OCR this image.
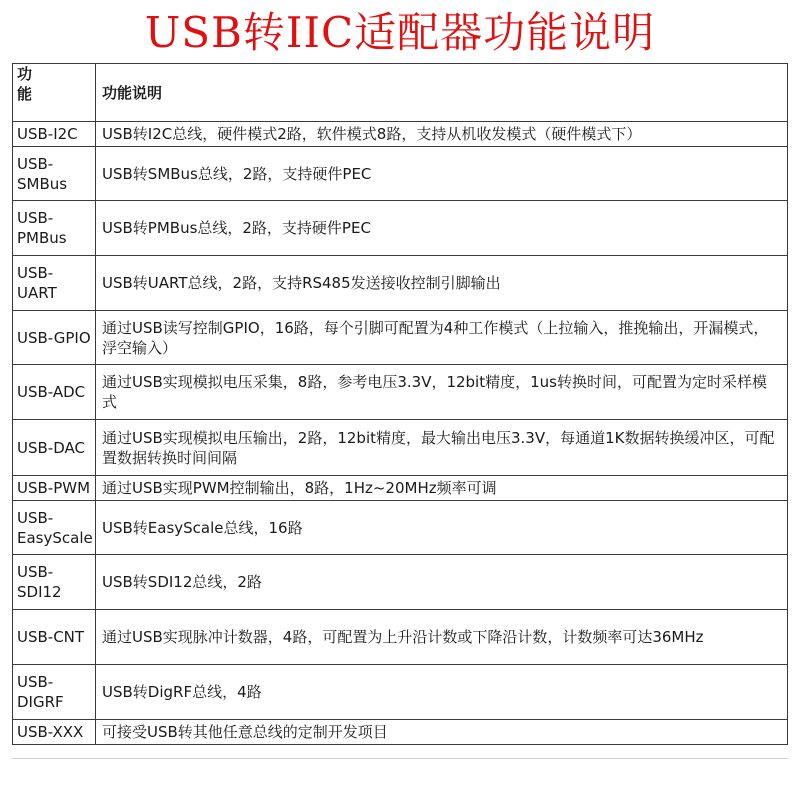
USB转IIC适配器功能说明
功
能	功能说明

USB-I2C	USB转I2C总线，硬件模式2路，软件模式8路，支持从机收发模式（硬件模式下）

USB-
SMBus	USB转SMBus总线，2路，支持硬件PEC

USB-
PMBus	USB转PMBus总线，2路，支持硬件PEC

USB-
UART	USB转UART总线，2路，支持RS485发送接收控制引脚输出

USB-GPIO	通过USB读写控制GPIO，16路，每个引脚可配置为4种工作模式（上拉输入，推挽输出，开漏模式，浮空输入）

USB-ADC	通过USB实现模拟电压采集，8路，参考电压3.3V，12bit精度，1us转换时间，可配置为定时采样模式

USB-DAC	通过USB实现模拟电压输出，2路，12bit精度，最大输出电压3.3V，每通道1K数据转换缓冲区，可配置数据转换时间间隔

USB-PWM	通过USB实现PWM控制输出，8路，1Hz~20MHz频率可调

USB-
EasyScale	USB转EasyScale总线，16路

USB-
SDI12	USB转SDI12总线，2路

USB-CNT	通过USB实现脉冲计数器，4路，可配置为上升沿计数或下降沿计数，计数频率可达36MHz

USB-
DIGRF	USB转DigRF总线，4路

USB-XXX	可接受USB转其他任意总线的定制开发项目
